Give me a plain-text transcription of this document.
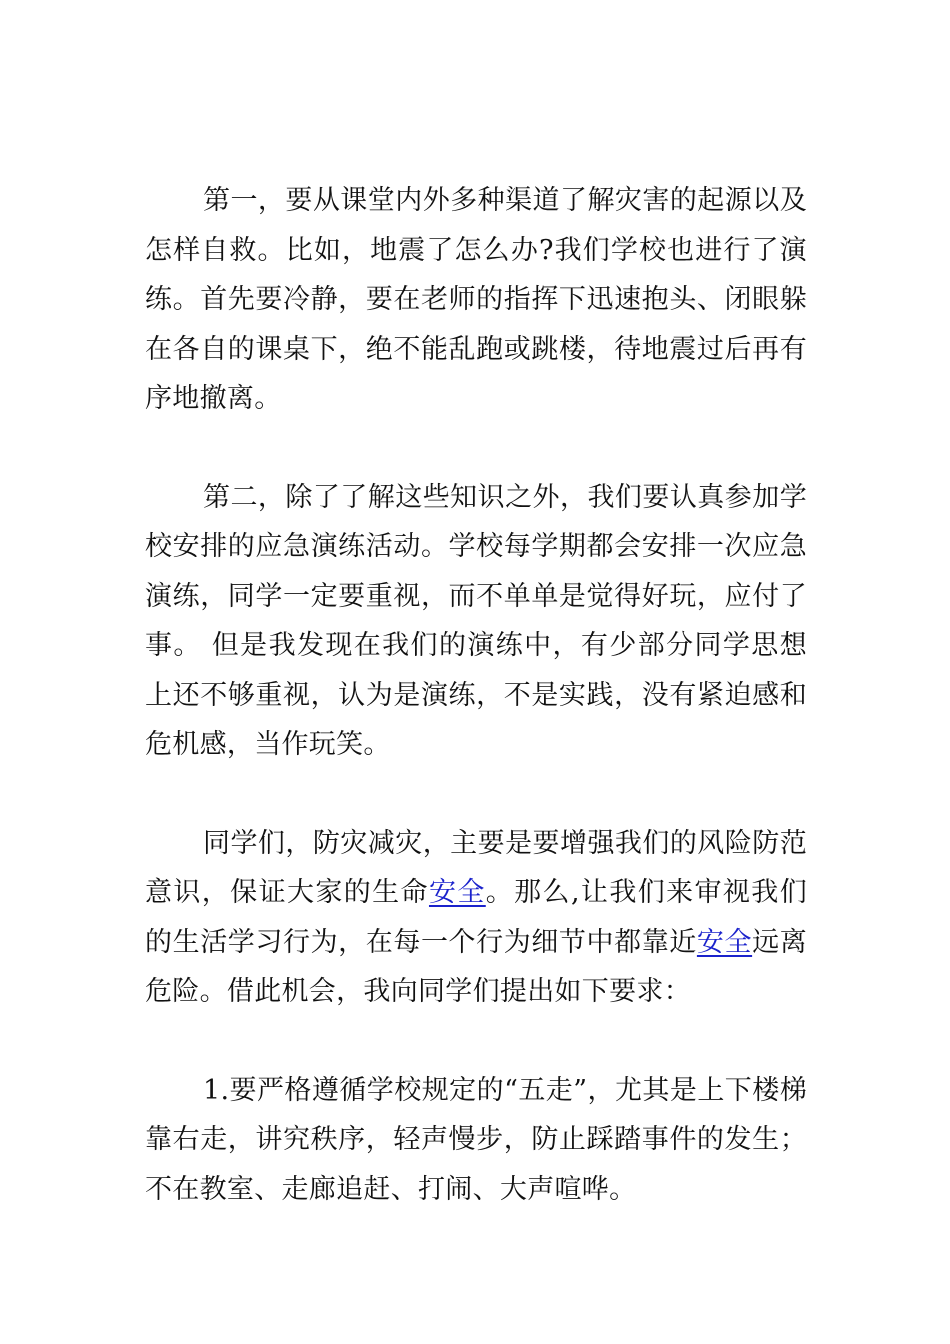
第一，要从课堂内外多种渠道了解灾害的起源以及怎样自救。比如，地震了怎么办?我们学校也进行了演练。首先要冷静，要在老师的指挥下迅速抱头、闭眼躲在各自的课桌下，绝不能乱跑或跳楼，待地震过后再有序地撤离。

第二，除了了解这些知识之外，我们要认真参加学校安排的应急演练活动。学校每学期都会安排一次应急演练，同学一定要重视，而不单单是觉得好玩，应付了事。 但是我发现在我们的演练中，有少部分同学思想上还不够重视，认为是演练，不是实践，没有紧迫感和危机感，当作玩笑。

同学们，防灾减灾，主要是要增强我们的风险防范意识，保证大家的生命安全。那么,让我们来审视我们的生活学习行为，在每一个行为细节中都靠近安全远离危险。借此机会，我向同学们提出如下要求：

1.要严格遵循学校规定的“五走”，尤其是上下楼梯靠右走，讲究秩序，轻声慢步，防止踩踏事件的发生；不在教室、走廊追赶、打闹、大声喧哗。
